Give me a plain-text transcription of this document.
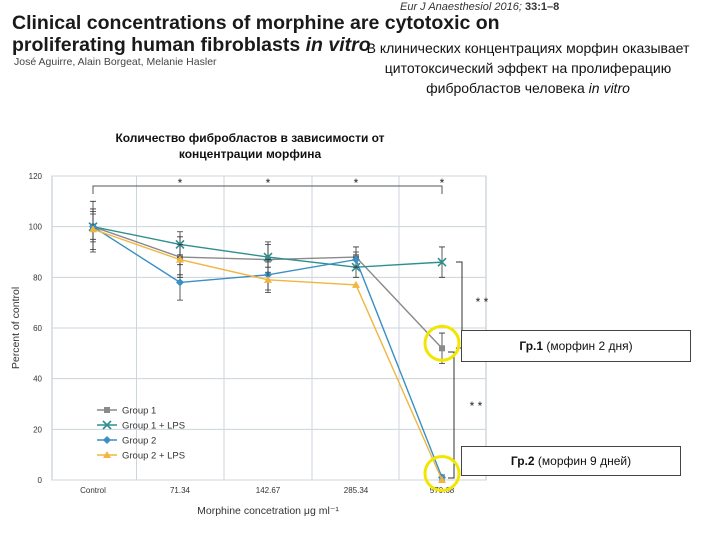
Eur J Anaesthesiol 2016; 33:1–8
Clinical concentrations of morphine are cytotoxic on
proliferating human fibroblasts in vitro
José Aguirre, Alain Borgeat, Melanie Hasler
В клинических концентрациях морфин оказывает цитотоксический эффект на пролиферацию фибробластов человека in vitro
Количество фибробластов в зависимости от концентрации морфина
0
20
40
60
80
100
120
Control	71.34	142.67	285.34	570.68
Morphine concetration μg ml⁻¹
Percent of control
*	*	*	*
* *
* *
Group 1
Group 1 + LPS
Group 2
Group 2 + LPS
Гр.1 (морфин 2 дня)
Гр.2 (морфин 9 дней)
